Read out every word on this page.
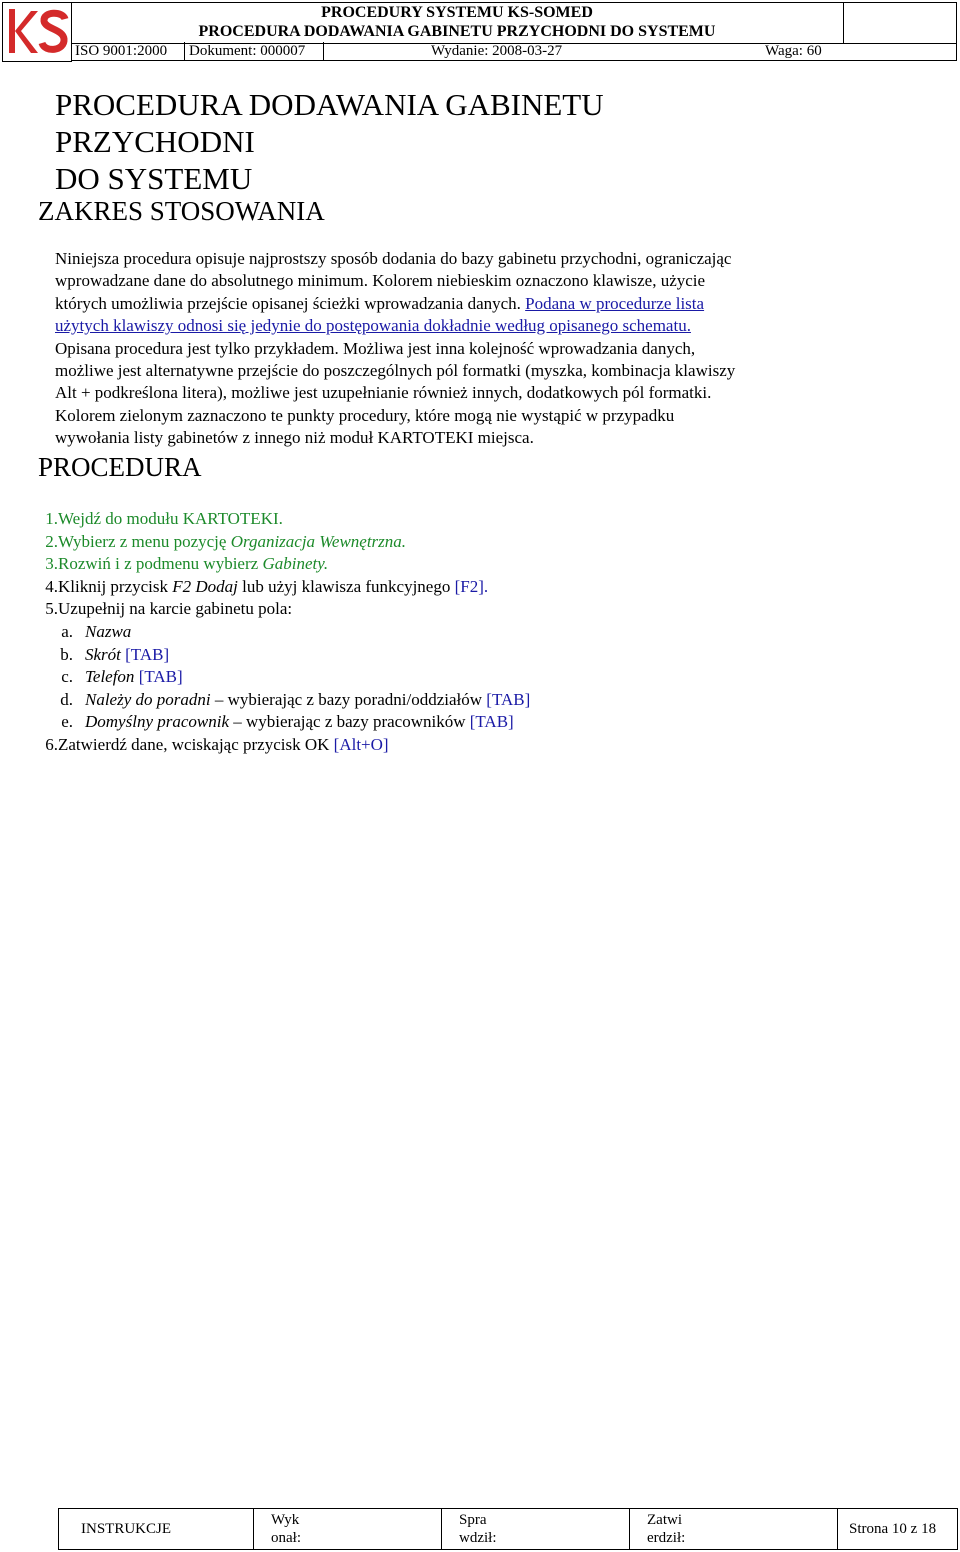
PROCEDURY SYSTEMU KS-SOMED
PROCEDURA DODAWANIA GABINETU PRZYCHODNI DO SYSTEMU
ISO 9001:2000 Dokument: 000007	Wydanie: 2008-03-27	Waga: 60
PROCEDURA DODAWANIA GABINETU
PRZYCHODNI
DO SYSTEMU
ZAKRES STOSOWANIA
Niniejsza procedura opisuje najprostszy sposób dodania do bazy gabinetu przychodni, ograniczając
wprowadzane dane do absolutnego minimum. Kolorem niebieskim oznaczono klawisze, użycie
których umożliwia przejście opisanej ścieżki wprowadzania danych. Podana w procedurze lista
użytych klawiszy odnosi się jedynie do postępowania dokładnie według opisanego schematu.
Opisana procedura jest tylko przykładem. Możliwa jest inna kolejność wprowadzania danych,
możliwe jest alternatywne przejście do poszczególnych pól formatki (myszka, kombinacja klawiszy
Alt + podkreślona litera), możliwe jest uzupełnianie również innych, dodatkowych pól formatki.
Kolorem zielonym zaznaczono te punkty procedury, które mogą nie wystąpić w przypadku
wywołania listy gabinetów z innego niż moduł KARTOTEKI miejsca.
PROCEDURA
1. Wejdź do modułu KARTOTEKI.
2. Wybierz z menu pozycję Organizacja Wewnętrzna.
3. Rozwiń i z podmenu wybierz Gabinety.
4. Kliknij przycisk F2 Dodaj lub użyj klawisza funkcyjnego [F2].
5. Uzupełnij na karcie gabinetu pola:
a. Nazwa
b. Skrót [TAB]
c. Telefon [TAB]
d. Należy do poradni – wybierając z bazy poradni/oddziałów [TAB]
e. Domyślny pracownik – wybierając z bazy pracowników [TAB]
6. Zatwierdź dane, wciskając przycisk OK [Alt+O]
INSTRUKCJE
Wyk
onał:
Spra
wdził:
Zatwi
erdził:
Strona 10 z 18
